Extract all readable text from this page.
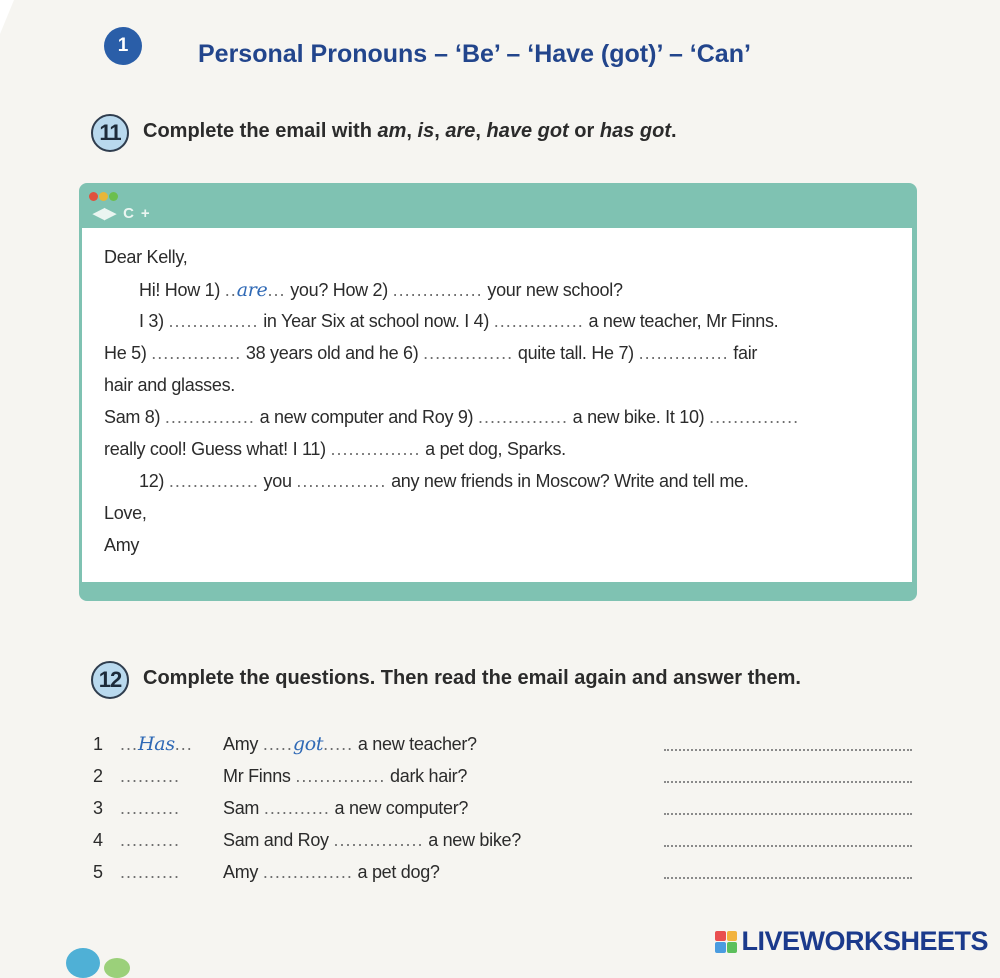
1	Personal Pronouns – ‘Be’ – ‘Have (got)’ – ‘Can’
11	Complete the email with am, is, are, have got or has got.
◀▶ C +
Dear Kelly,
Hi! How 1) ..are... you? How 2) ............... your new school?
I 3) ............... in Year Six at school now. I 4) ............... a new teacher, Mr Finns.
He 5) ............... 38 years old and he 6) ............... quite tall. He 7) ............... fair
hair and glasses.
Sam 8) ............... a new computer and Roy 9) ............... a new bike. It 10) ...............
really cool! Guess what! I 11) ............... a pet dog, Sparks.
12) ............... you ............... any new friends in Moscow? Write and tell me.
Love,
Amy
12	Complete the questions. Then read the email again and answer them.
1 ...Has... Amy .....got..... a new teacher?
2 .......... Mr Finns ............... dark hair?
3 .......... Sam ........... a new computer?
4 .......... Sam and Roy ............... a new bike?
5 .......... Amy ............... a pet dog?
LIVEWORKSHEETS
